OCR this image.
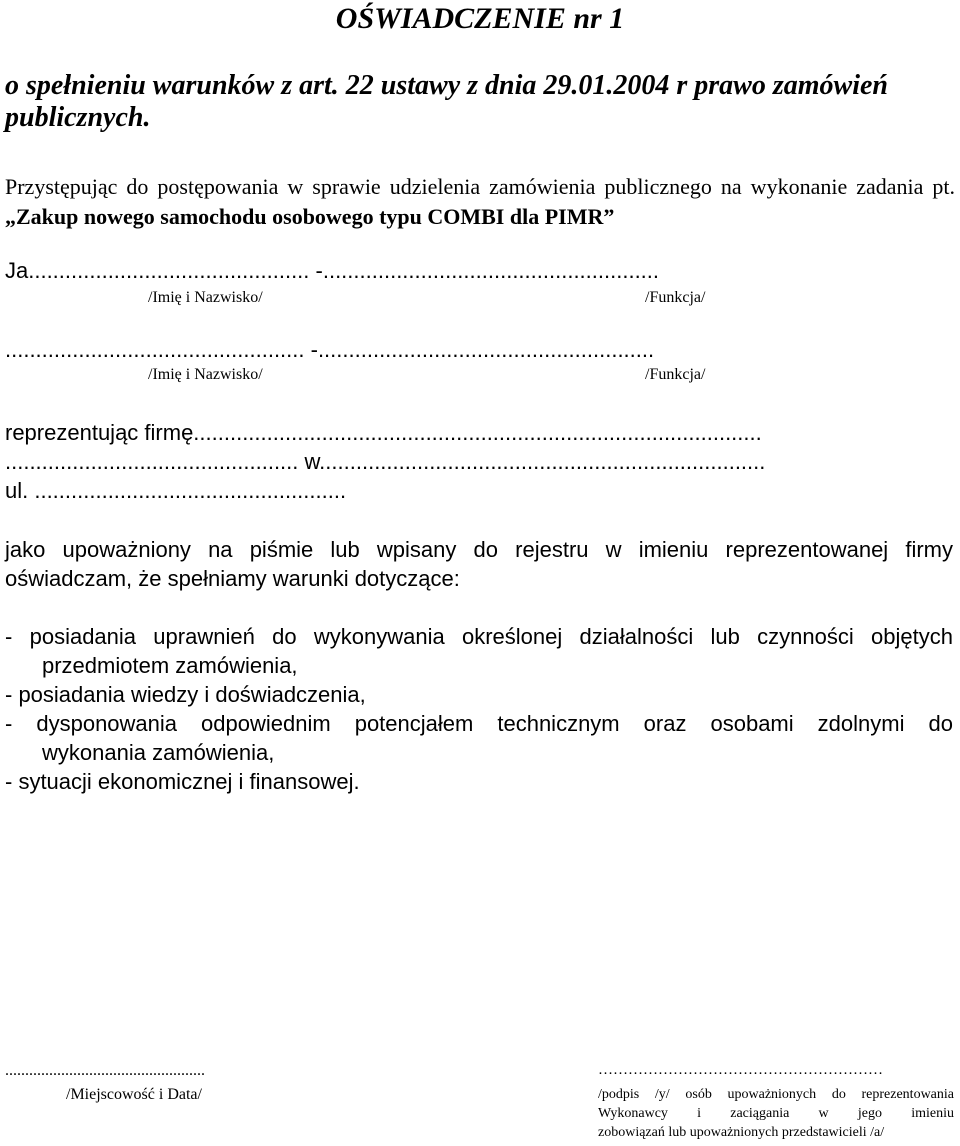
OŚWIADCZENIE nr 1
o spełnieniu warunków z art. 22 ustawy z dnia 29.01.2004 r prawo zamówień publicznych.
Przystępując do postępowania w sprawie udzielenia zamówienia publicznego na wykonanie zadania pt. „Zakup nowego samochodu osobowego typu COMBI dla PIMR”
Ja.............................................. -.......................................................
/Imię i Nazwisko/	/Funkcja/
................................................. -.......................................................
/Imię i Nazwisko/	/Funkcja/
reprezentując firmę.............................................................................................
................................................ w.........................................................................
ul. ...................................................
jako upoważniony na piśmie lub wpisany do rejestru w imieniu reprezentowanej firmy
oświadczam, że spełniamy warunki dotyczące:
- posiadania uprawnień do wykonywania określonej działalności lub czynności objętych
przedmiotem zamówienia,
- posiadania wiedzy i doświadczenia,
- dysponowania odpowiednim potencjałem technicznym oraz osobami zdolnymi do
wykonania zamówienia,
- sytuacji ekonomicznej i finansowej.
..................................................
/Miejscowość i Data/
…………………………………………………
/podpis /y/ osób upoważnionych do reprezentowania
Wykonawcy i zaciągania w jego imieniu
zobowiązań lub upoważnionych przedstawicieli /a/
